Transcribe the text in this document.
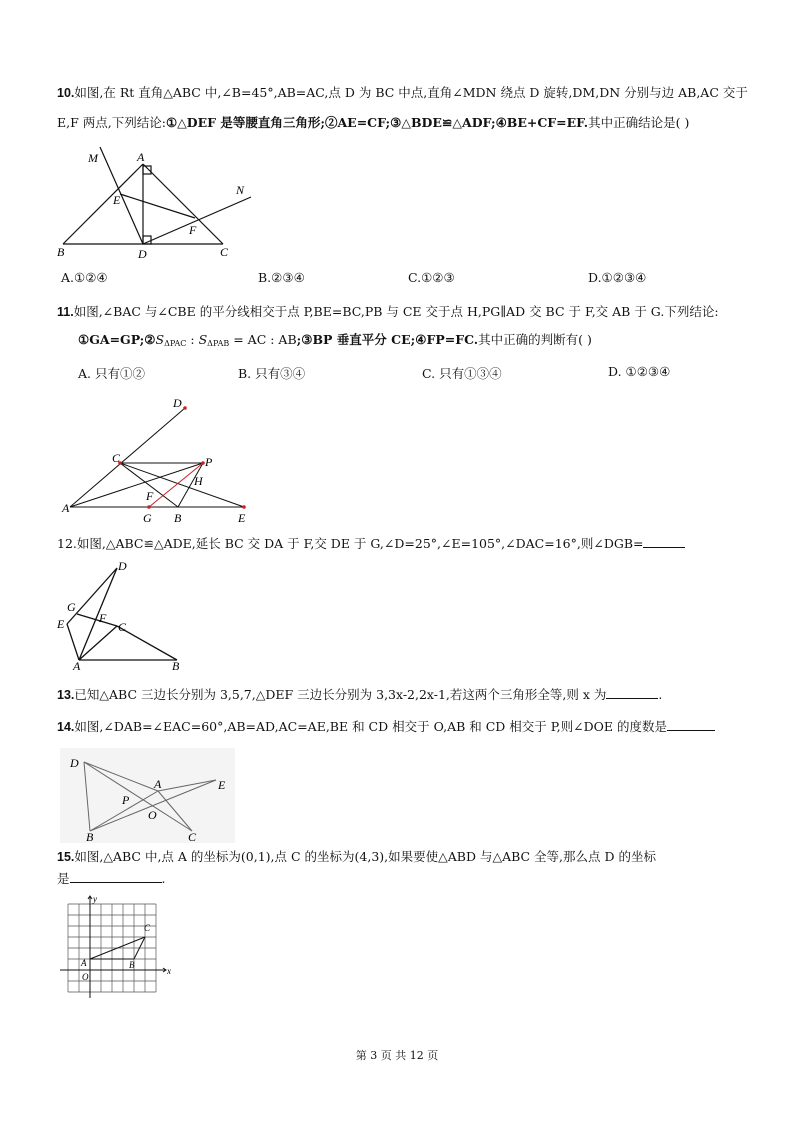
10.如图,在 Rt 直角△ABC 中,∠B=45°,AB=AC,点 D 为 BC 中点,直角∠MDN 绕点 D 旋转,DM,DN 分别与边 AB,AC 交于
E,F 两点,下列结论:①△DEF 是等腰直角三角形;②AE=CF;③△BDE≌△ADF;④BE+CF=EF.其中正确结论是( )
M	A
N
E
F
B	D	C
A.①②④	B.②③④	C.①②③	D.①②③④
11.如图,∠BAC 与∠CBE 的平分线相交于点 P,BE=BC,PB 与 CE 交于点 H,PG∥AD 交 BC 于 F,交 AB 于 G.下列结论:
$①GA=GP;②S_{\Delta PAC}$ : $S_{\Delta PAB}$ = AC : AB;③BP 垂直平分 CE;④FP=FC.其中正确的判断有( )
A. 只有①②	B. 只有③④	C. 只有①③④	D. ①②③④
D
C	P
H
F
A
G B	E
12.如图,△ABC≌△ADE,延长 BC 交 DA 于 F,交 DE 于 G,∠D=25°,∠E=105°,∠DAC=16°,则∠DGB=
D
G
E	F
C
A	B
13.已知△ABC 三边长分别为 3,5,7,△DEF 三边长分别为 3,3x-2,2x-1,若这两个三角形全等,则 x 为	.
14.如图,∠DAB=∠EAC=60°,AB=AD,AC=AE,BE 和 CD 相交于 O,AB 和 CD 相交于 P,则∠DOE 的度数是
D
A	E
P
O
B	C
15.如图,△ABC 中,点 A 的坐标为(0,1),点 C 的坐标为(4,3),如果要使△ABD 与△ABC 全等,那么点 D 的坐标
是	.
y
C
A	B
O
x
第 3 页 共 12 页
